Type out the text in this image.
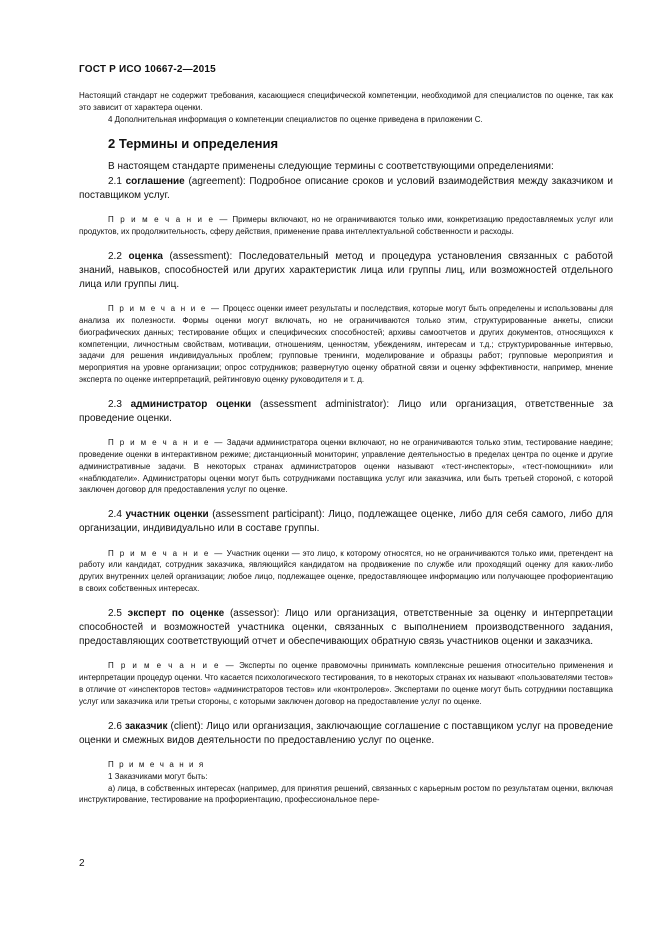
ГОСТ Р ИСО 10667-2—2015

Настоящий стандарт не содержит требования, касающиеся специфической компетенции, необходимой для специалистов по оценке, так как это зависит от характера оценки.

4 Дополнительная информация о компетенции специалистов по оценке приведена в приложении С.

2 Термины и определения

В настоящем стандарте применены следующие термины с соответствующими определениями:

2.1 соглашение (agreement): Подробное описание сроков и условий взаимодействия между заказчиком и поставщиком услуг.

П р и м е ч а н и е — Примеры включают, но не ограничиваются только ими, конкретизацию предоставляемых услуг или продуктов, их продолжительность, сферу действия, применение права интеллектуальной собственности и расходы.

2.2 оценка (assessment): Последовательный метод и процедура установления связанных с работой знаний, навыков, способностей или других характеристик лица или группы лиц, или возможностей отдельного лица или группы лиц.

П р и м е ч а н и е — Процесс оценки имеет результаты и последствия, которые могут быть определены и использованы для анализа их полезности. Формы оценки могут включать, но не ограничиваются только этим, структурированные анкеты, списки биографических данных; тестирование общих и специфических способностей; архивы самоотчетов и других документов, относящихся к компетенции, личностным свойствам, мотивации, отношениям, ценностям, убеждениям, интересам и т.д.; структурированные интервью, задачи для решения индивидуальных проблем; групповые тренинги, моделирование и образцы работ; групповые мероприятия и мероприятия на уровне организации; опрос сотрудников; развернутую оценку обратной связи и оценку эффективности, например, мнение эксперта по оценке интерпретаций, рейтинговую оценку руководителя и т. д.

2.3 администратор оценки (assessment administrator): Лицо или организация, ответственные за проведение оценки.

П р и м е ч а н и е — Задачи администратора оценки включают, но не ограничиваются только этим, тестирование наедине; проведение оценки в интерактивном режиме; дистанционный мониторинг, управление деятельностью в пределах центра по оценке и другие административные задачи. В некоторых странах администраторов оценки называют «тест-инспекторы», «тест-помощники» или «наблюдатели». Администраторы оценки могут быть сотрудниками поставщика услуг или заказчика, или быть третьей стороной, с которой заключен договор для предоставления услуг по оценке.

2.4 участник оценки (assessment participant): Лицо, подлежащее оценке, либо для себя самого, либо для организации, индивидуально или в составе группы.

П р и м е ч а н и е — Участник оценки — это лицо, к которому относятся, но не ограничиваются только ими, претендент на работу или кандидат, сотрудник заказчика, являющийся кандидатом на продвижение по службе или проходящий оценку для каких-либо других внутренних целей организации; любое лицо, подлежащее оценке, предоставляющее информацию или получающее профориентацию в своих собственных интересах.

2.5 эксперт по оценке (assessor): Лицо или организация, ответственные за оценку и интерпретации способностей и возможностей участника оценки, связанных с выполнением производственного задания, предоставляющих соответствующий отчет и обеспечивающих обратную связь участников оценки и заказчика.

П р и м е ч а н и е — Эксперты по оценке правомочны принимать комплексные решения относительно применения и интерпретации процедур оценки. Что касается психологического тестирования, то в некоторых странах их называют «пользователями тестов» в отличие от «инспекторов тестов» «администраторов тестов» или «контролеров». Экспертами по оценке могут быть сотрудники поставщика услуг или заказчика или третьи стороны, с которыми заключен договор на предоставление услуг по оценке.

2.6 заказчик (client): Лицо или организация, заключающие соглашение с поставщиком услуг на проведение оценки и смежных видов деятельности по предоставлению услуг по оценке.

П р и м е ч а н и я

1 Заказчиками могут быть:

а) лица, в собственных интересах (например, для принятия решений, связанных с карьерным ростом по результатам оценки, включая инструктирование, тестирование на профориентацию, профессиональное пере-

2
